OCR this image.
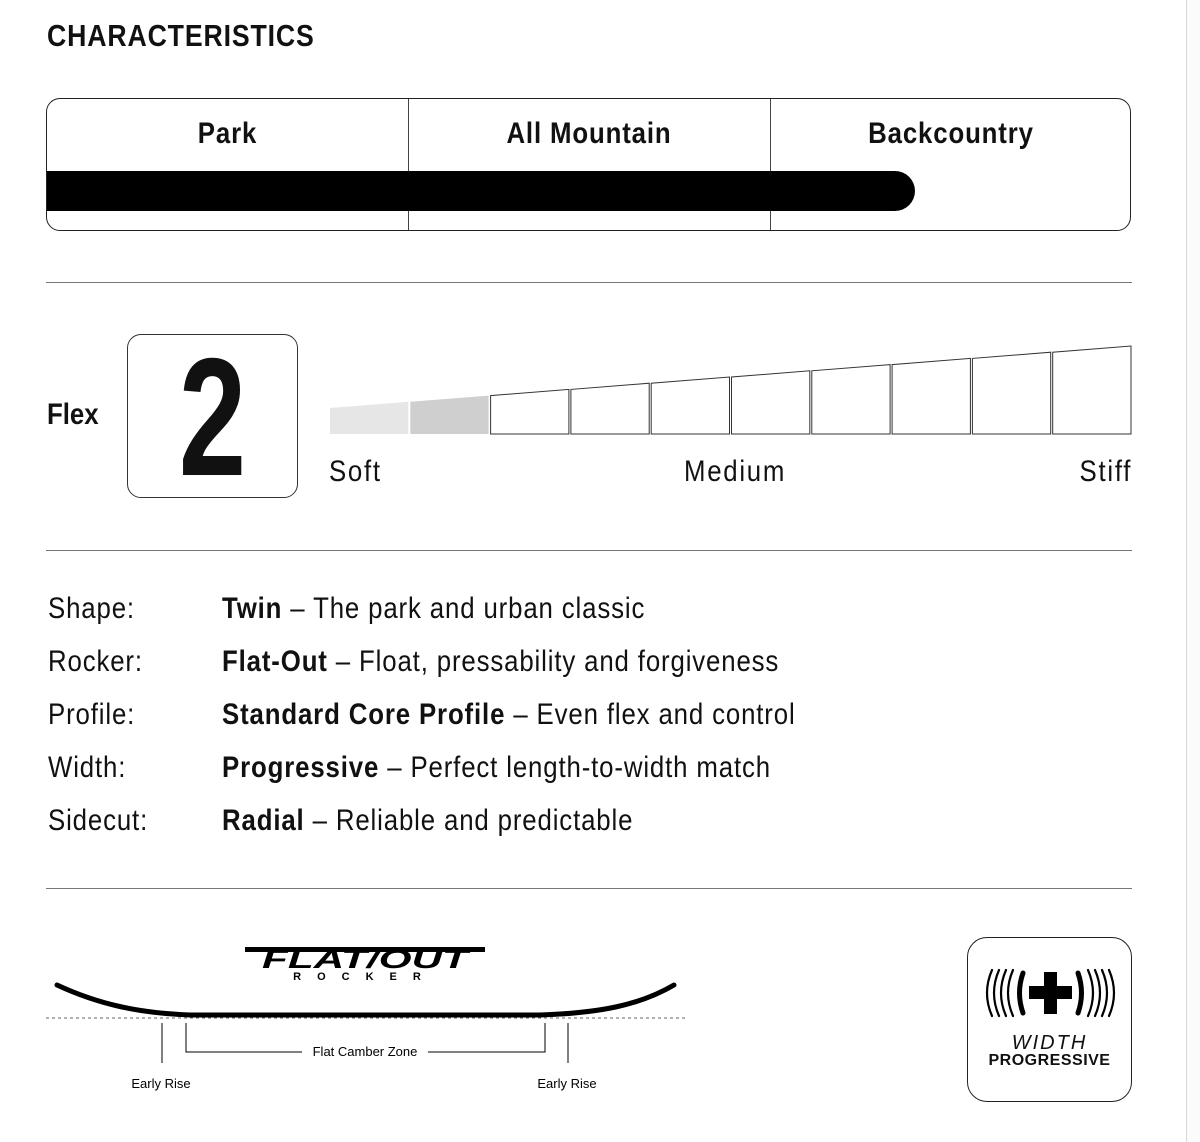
CHARACTERISTICS
Park	All Mountain	Backcountry
Flex 2	Soft	Medium	Stiff
Shape:	Twin – The park and urban classic
Rocker:	Flat-Out – Float, pressability and forgiveness
Profile:	Standard Core Profile – Even flex and control
Width:	Progressive – Perfect length-to-width match
Sidecut: Radial – Reliable and predictable
FLAT/OUT
ROCKER
Flat Camber Zone
Early Rise	Early Rise
WIDTH
PROGRESSIVE
